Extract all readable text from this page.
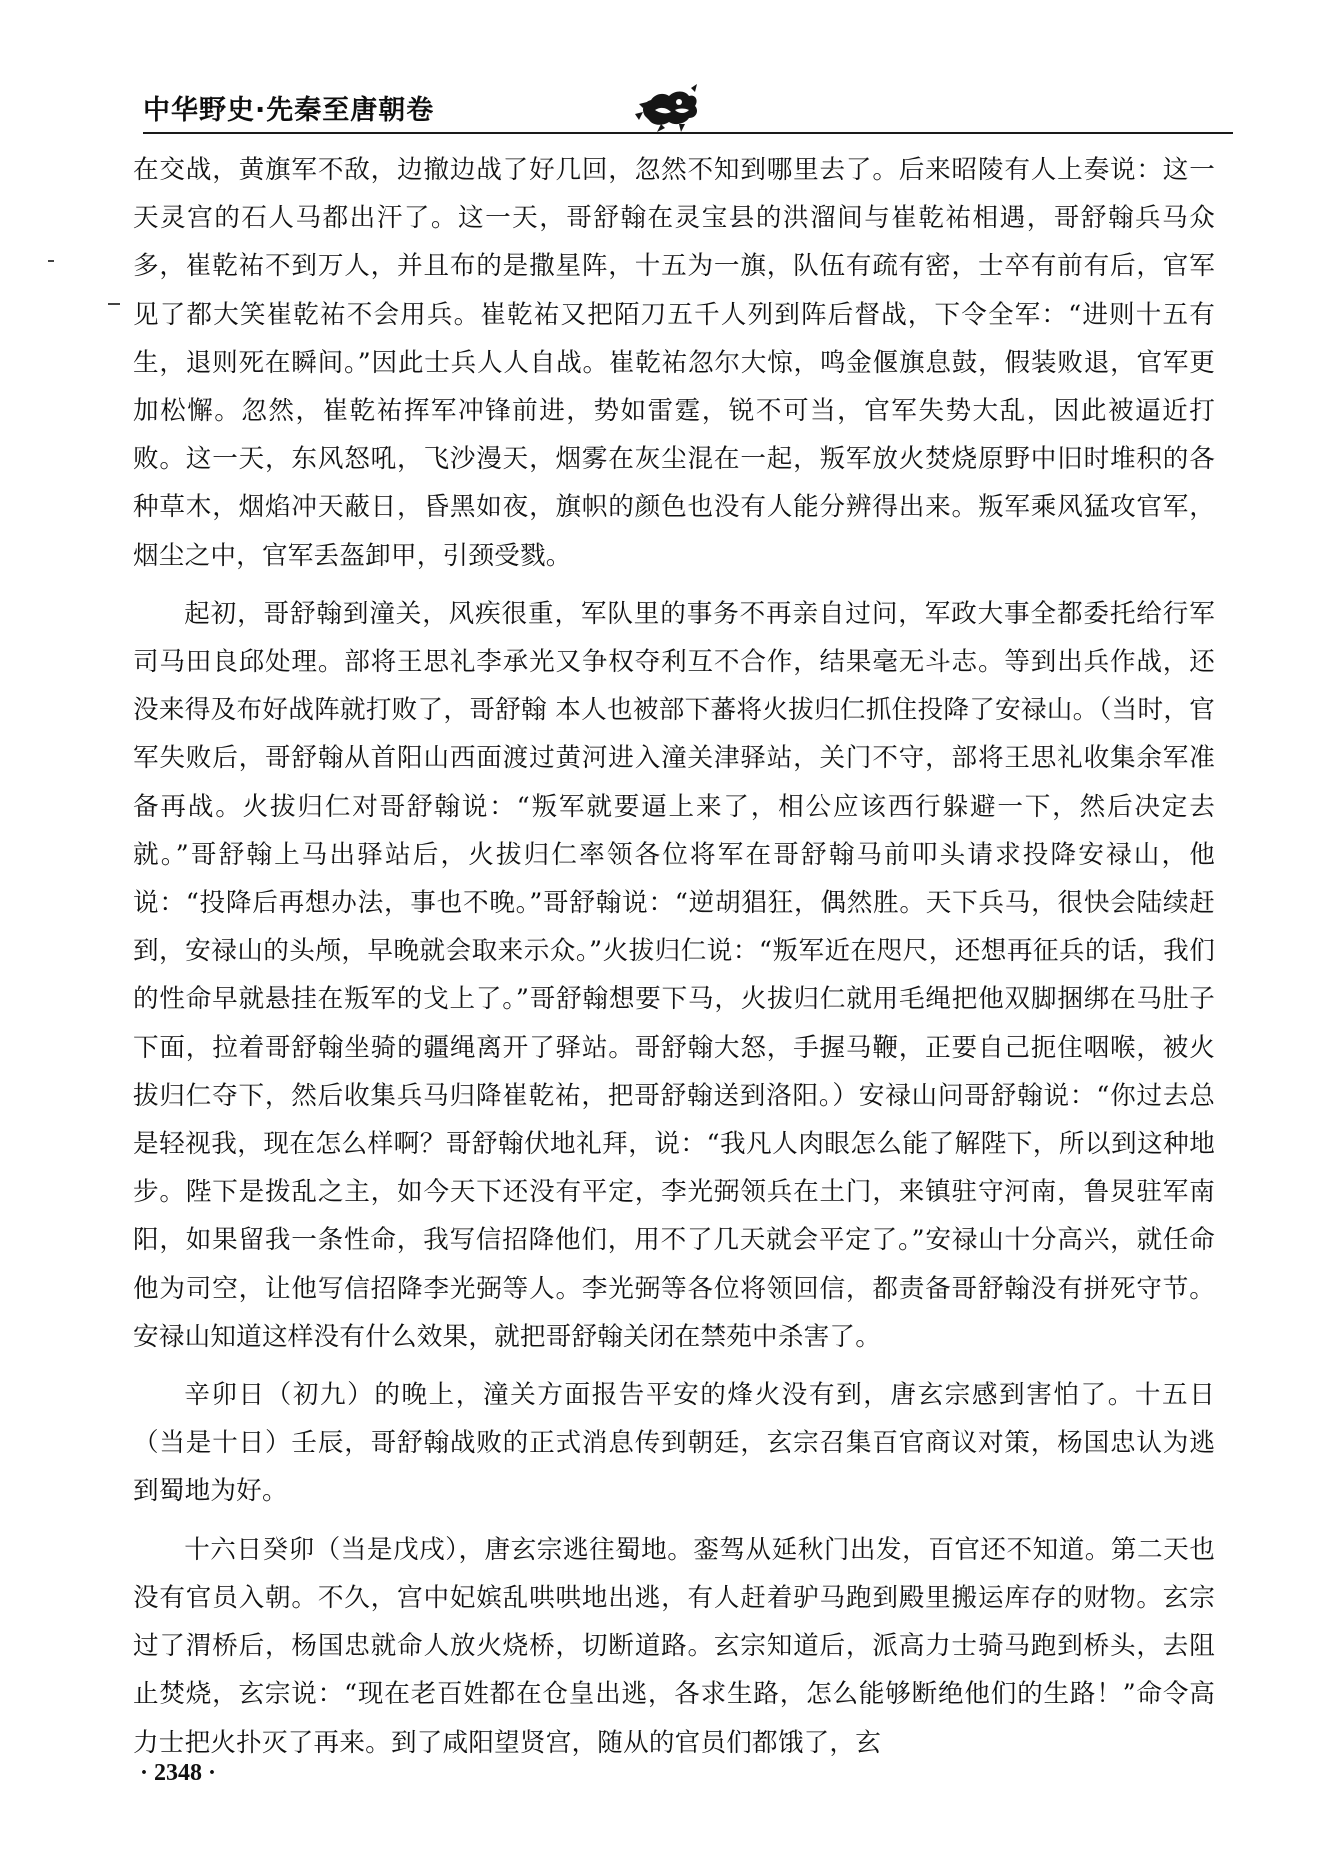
中华野史·先秦至唐朝卷

在交战，黄旗军不敌，边撤边战了好几回，忽然不知到哪里去了。后来昭陵有人上奏说：这一天灵宫的石人马都出汗了。这一天，哥舒翰在灵宝县的洪溜间与崔乾祐相遇，哥舒翰兵马众多，崔乾祐不到万人，并且布的是撒星阵，十五为一旗，队伍有疏有密，士卒有前有后，官军见了都大笑崔乾祐不会用兵。崔乾祐又把陌刀五千人列到阵后督战，下令全军：“进则十五有生，退则死在瞬间。”因此士兵人人自战。崔乾祐忽尔大惊，鸣金偃旗息鼓，假装败退，官军更加松懈。忽然，崔乾祐挥军冲锋前进，势如雷霆，锐不可当，官军失势大乱，因此被逼近打败。这一天，东风怒吼，飞沙漫天，烟雾在灰尘混在一起，叛军放火焚烧原野中旧时堆积的各种草木，烟焰冲天蔽日，昏黑如夜，旗帜的颜色也没有人能分辨得出来。叛军乘风猛攻官军，烟尘之中，官军丢盔卸甲，引颈受戮。

起初，哥舒翰到潼关，风疾很重，军队里的事务不再亲自过问，军政大事全都委托给行军司马田良邱处理。部将王思礼李承光又争权夺利互不合作，结果毫无斗志。等到出兵作战，还没来得及布好战阵就打败了，哥舒翰 本人也被部下蕃将火拔归仁抓住投降了安禄山。（当时，官军失败后，哥舒翰从首阳山西面渡过黄河进入潼关津驿站，关门不守，部将王思礼收集余军准备再战。火拔归仁对哥舒翰说：“叛军就要逼上来了，相公应该西行躲避一下，然后决定去就。”哥舒翰上马出驿站后，火拔归仁率领各位将军在哥舒翰马前叩头请求投降安禄山，他说：“投降后再想办法，事也不晚。”哥舒翰说：“逆胡猖狂，偶然胜。天下兵马，很快会陆续赶到，安禄山的头颅，早晚就会取来示众。”火拔归仁说：“叛军近在咫尺，还想再征兵的话，我们的性命早就悬挂在叛军的戈上了。”哥舒翰想要下马，火拔归仁就用毛绳把他双脚捆绑在马肚子下面，拉着哥舒翰坐骑的疆绳离开了驿站。哥舒翰大怒，手握马鞭，正要自己扼住咽喉，被火拔归仁夺下，然后收集兵马归降崔乾祐，把哥舒翰送到洛阳。）安禄山问哥舒翰说：“你过去总是轻视我，现在怎么样啊？哥舒翰伏地礼拜，说：“我凡人肉眼怎么能了解陛下，所以到这种地步。陛下是拨乱之主，如今天下还没有平定，李光弼领兵在土门，来镇驻守河南，鲁炅驻军南阳，如果留我一条性命，我写信招降他们，用不了几天就会平定了。”安禄山十分高兴，就任命他为司空，让他写信招降李光弼等人。李光弼等各位将领回信，都责备哥舒翰没有拼死守节。安禄山知道这样没有什么效果，就把哥舒翰关闭在禁苑中杀害了。

辛卯日（初九）的晚上，潼关方面报告平安的烽火没有到，唐玄宗感到害怕了。十五日（当是十日）壬辰，哥舒翰战败的正式消息传到朝廷，玄宗召集百官商议对策，杨国忠认为逃到蜀地为好。

十六日癸卯（当是戊戌），唐玄宗逃往蜀地。銮驾从延秋门出发，百官还不知道。第二天也没有官员入朝。不久，宫中妃嫔乱哄哄地出逃，有人赶着驴马跑到殿里搬运库存的财物。玄宗过了渭桥后，杨国忠就命人放火烧桥，切断道路。玄宗知道后，派高力士骑马跑到桥头，去阻止焚烧，玄宗说：“现在老百姓都在仓皇出逃，各求生路，怎么能够断绝他们的生路！”命令高力士把火扑灭了再来。到了咸阳望贤宫，随从的官员们都饿了，玄

· 2348 ·
